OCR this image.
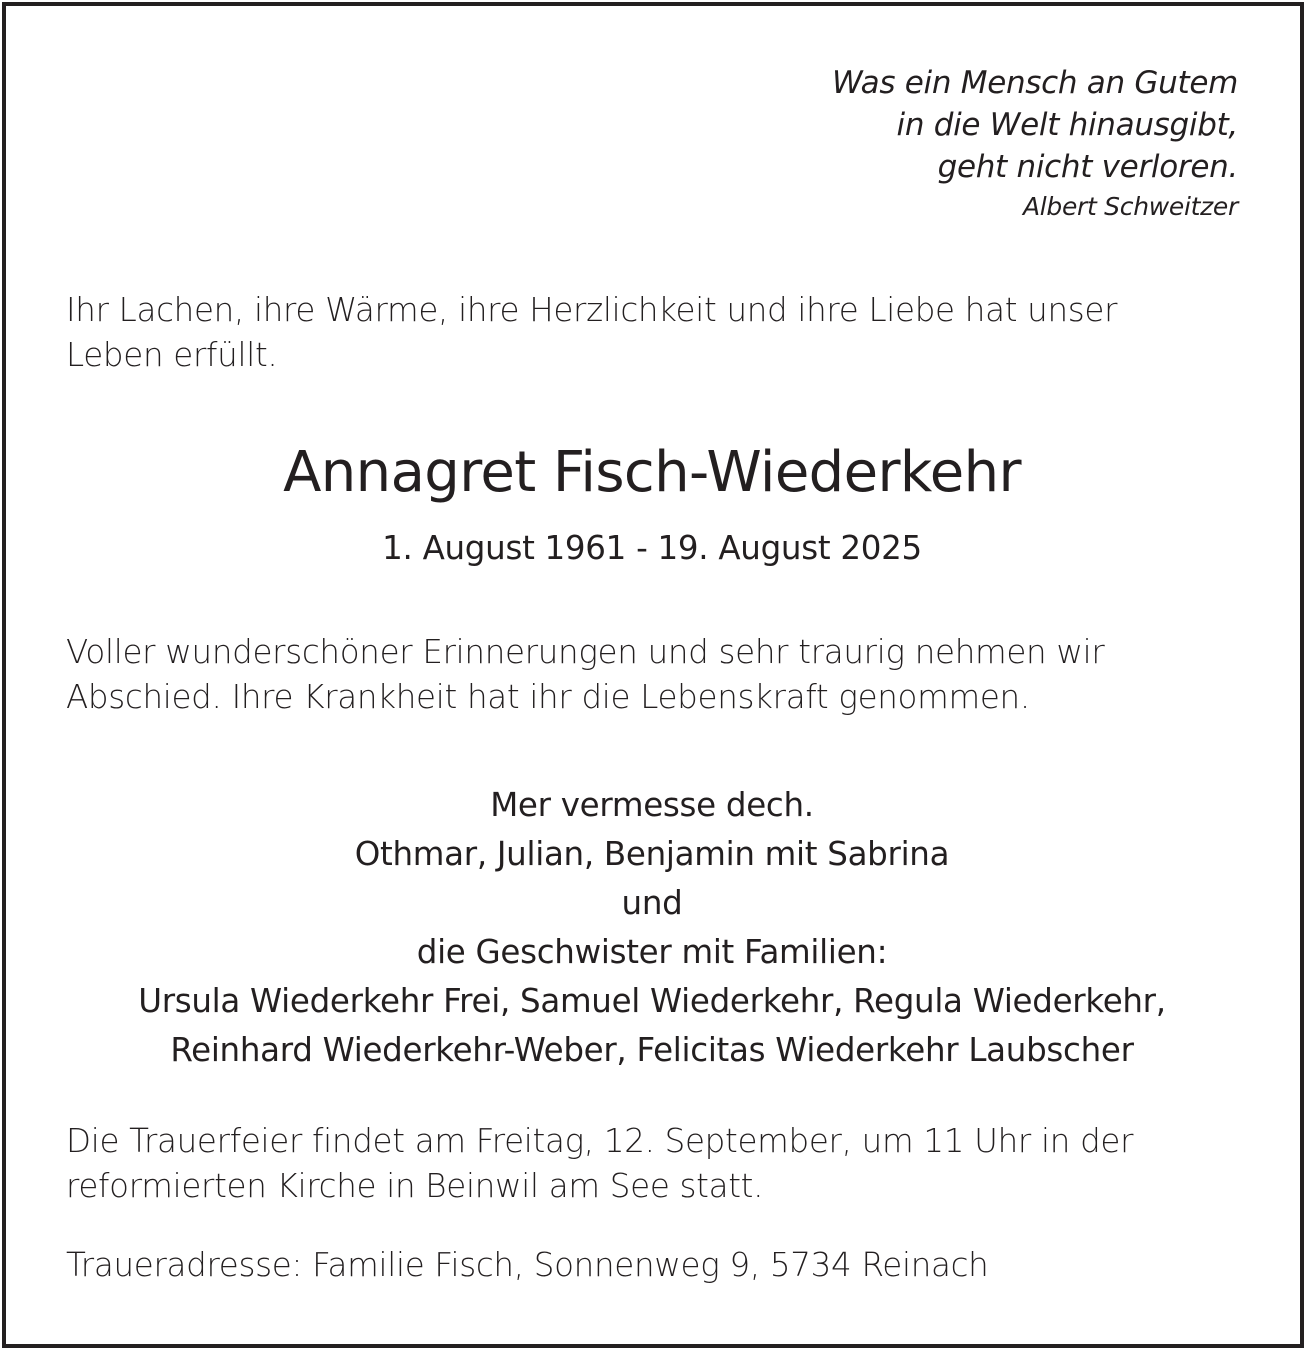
Was ein Mensch an Gutem
in die Welt hinausgibt,
geht nicht verloren.
Albert Schweitzer
Ihr Lachen, ihre Wärme, ihre Herzlichkeit und ihre Liebe hat unser
Leben erfüllt.
Annagret Fisch-Wiederkehr
1. August 1961 - 19. August 2025
Voller wunderschöner Erinnerungen und sehr traurig nehmen wir
Abschied. Ihre Krankheit hat ihr die Lebenskraft genommen.
Mer vermesse dech.
Othmar, Julian, Benjamin mit Sabrina
und
die Geschwister mit Familien:
Ursula Wiederkehr Frei, Samuel Wiederkehr, Regula Wiederkehr,
Reinhard Wiederkehr-Weber, Felicitas Wiederkehr Laubscher
Die Trauerfeier findet am Freitag, 12. September, um 11 Uhr in der
reformierten Kirche in Beinwil am See statt.
Traueradresse: Familie Fisch, Sonnenweg 9, 5734 Reinach
